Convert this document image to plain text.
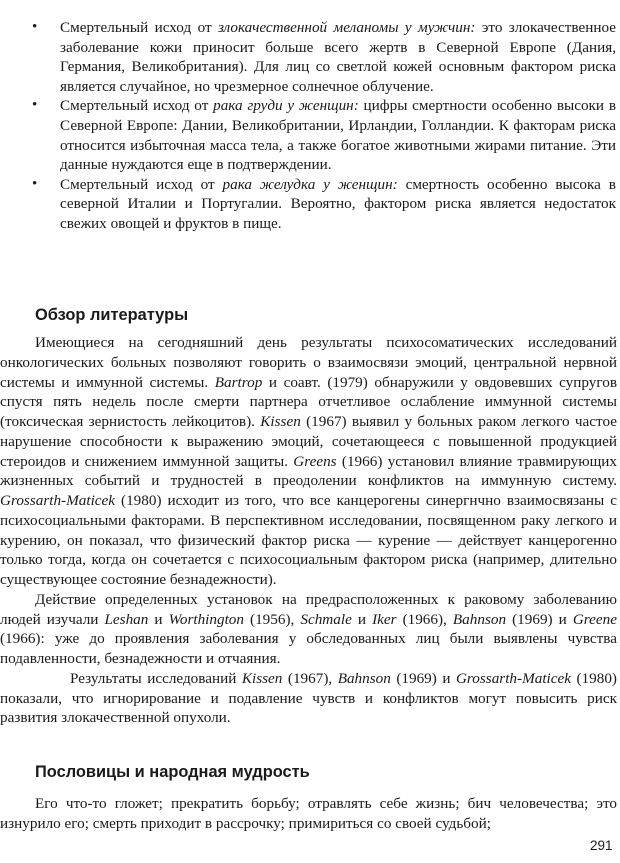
• Смертельный исход от злокачественной меланомы у мужчин: это злокачественное заболевание кожи приносит больше всего жертв в Северной Европе (Дания, Германия, Великобритания). Для лиц со светлой кожей основным фактором риска является случайное, но чрезмерное солнечное облучение.
• Смертельный исход от рака груди у женщин: цифры смертности особенно высоки в Северной Европе: Дании, Великобритании, Ирландии, Голландии. К факторам риска относится избыточная масса тела, а также богатое животными жирами питание. Эти данные нуждаются еще в подтверждении.
• Смертельный исход от рака желудка у женщин: смертность особенно высока в северной Италии и Португалии. Вероятно, фактором риска является недостаток свежих овощей и фруктов в пище.
Обзор литературы

Имеющиеся на сегодняшний день результаты психосоматических исследований онкологических больных позволяют говорить о взаимосвязи эмоций, центральной нервной системы и иммунной системы. Bartrop и соавт. (1979) обнаружили у овдовевших супругов спустя пять недель после смерти партнера отчетливое ослабление иммунной системы (токсическая зернистость лейкоцитов). Kissen (1967) выявил у больных раком легкого частое нарушение способности к выражению эмоций, сочетающееся с повышенной продукцией стероидов и снижением иммунной защиты. Greens (1966) установил влияние травмирующих жизненных событий и трудностей в преодолении конфликтов на иммунную систему. Grossarth-Maticek (1980) исходит из того, что все канцерогены синергнчно взаимосвязаны с психосоциальными факторами. В перспективном исследовании, посвященном раку легкого и курению, он показал, что физический фактор риска — курение — действует канцерогенно только тогда, когда он сочетается с психосоциальным фактором риска (например, длительно существующее состояние безнадежности).

Действие определенных установок на предрасположенных к раковому заболеванию людей изучали Leshan и Worthington (1956), Schmale и Iker (1966), Bahnson (1969) и Greene (1966): уже до проявления заболевания у обследованных лиц были выявлены чувства подавленности, безнадежности и отчаяния.

Результаты исследований Kissen (1967), Bahnson (1969) и Grossarth-Maticek (1980) показали, что игнорирование и подавление чувств и конфликтов могут повысить риск развития злокачественной опухоли.

Пословицы и народная мудрость

Его что-то гложет; прекратить борьбу; отравлять себе жизнь; бич человечества; это изнурило его; смерть приходит в рассрочку; примириться со своей судьбой;

291
